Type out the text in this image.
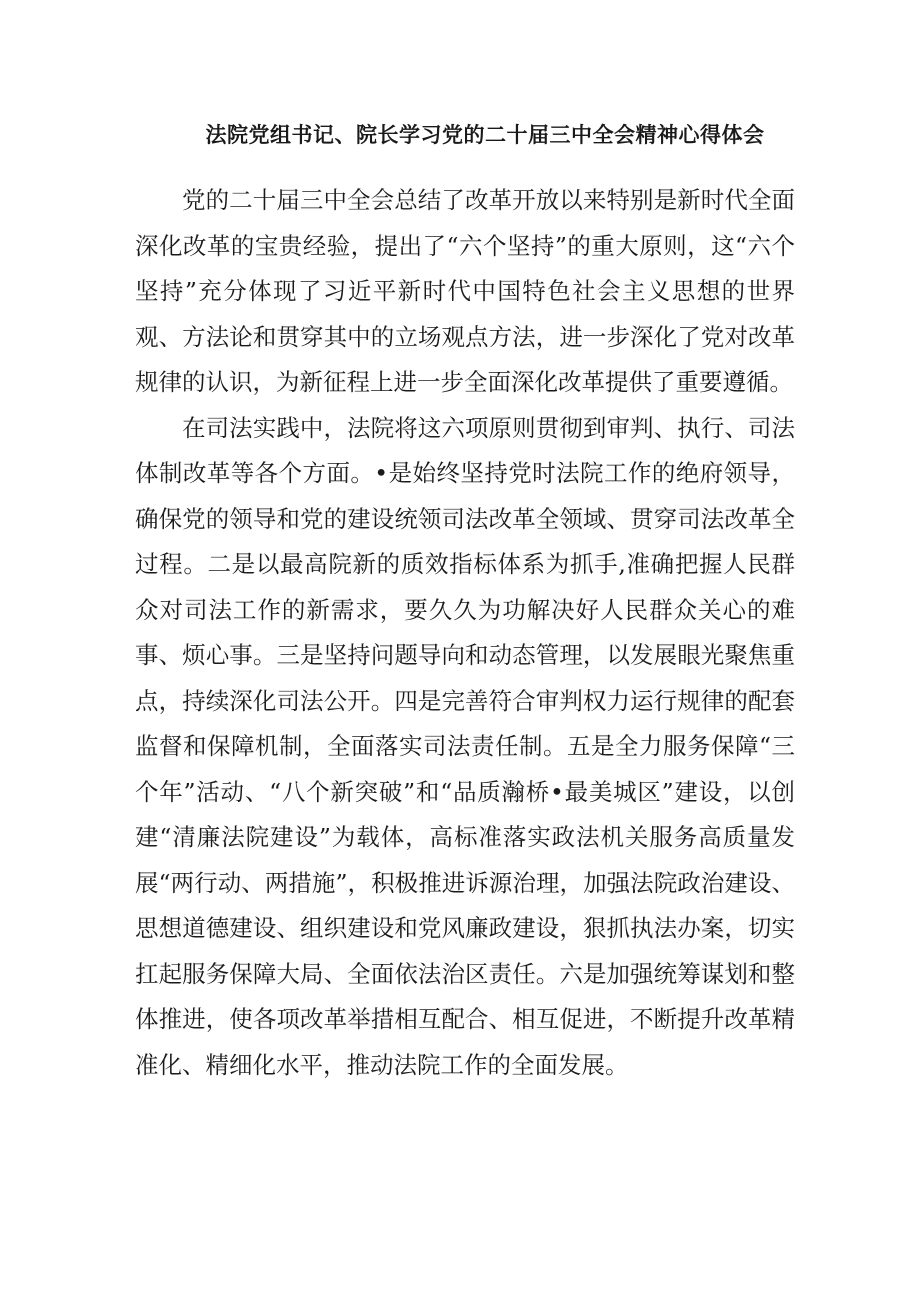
法院党组书记、院长学习党的二十届三中全会精神心得体会

党的二十届三中全会总结了改革开放以来特别是新时代全面深化改革的宝贵经验，提出了“六个坚持”的重大原则，这“六个坚持”充分体现了习近平新时代中国特色社会主义思想的世界观、方法论和贯穿其中的立场观点方法，进一步深化了党对改革规律的认识，为新征程上进一步全面深化改革提供了重要遵循。

在司法实践中，法院将这六项原则贯彻到审判、执行、司法体制改革等各个方面。•是始终坚持党时法院工作的绝府领导，确保党的领导和党的建设统领司法改革全领域、贯穿司法改革全过程。二是以最高院新的质效指标体系为抓手,准确把握人民群众对司法工作的新需求，要久久为功解决好人民群众关心的难事、烦心事。三是坚持问题导向和动态管理，以发展眼光聚焦重点，持续深化司法公开。四是完善符合审判权力运行规律的配套监督和保障机制，全面落实司法责任制。五是全力服务保障“三个年”活动、“八个新突破”和“品质瀚桥•最美城区”建设，以创建“清廉法院建设”为载体，高标准落实政法机关服务高质量发展“两行动、两措施”，积极推进诉源治理，加强法院政治建设、思想道德建设、组织建设和党风廉政建设，狠抓执法办案，切实扛起服务保障大局、全面依法治区责任。六是加强统筹谋划和整体推进，使各项改革举措相互配合、相互促进，不断提升改革精准化、精细化水平，推动法院工作的全面发展。
